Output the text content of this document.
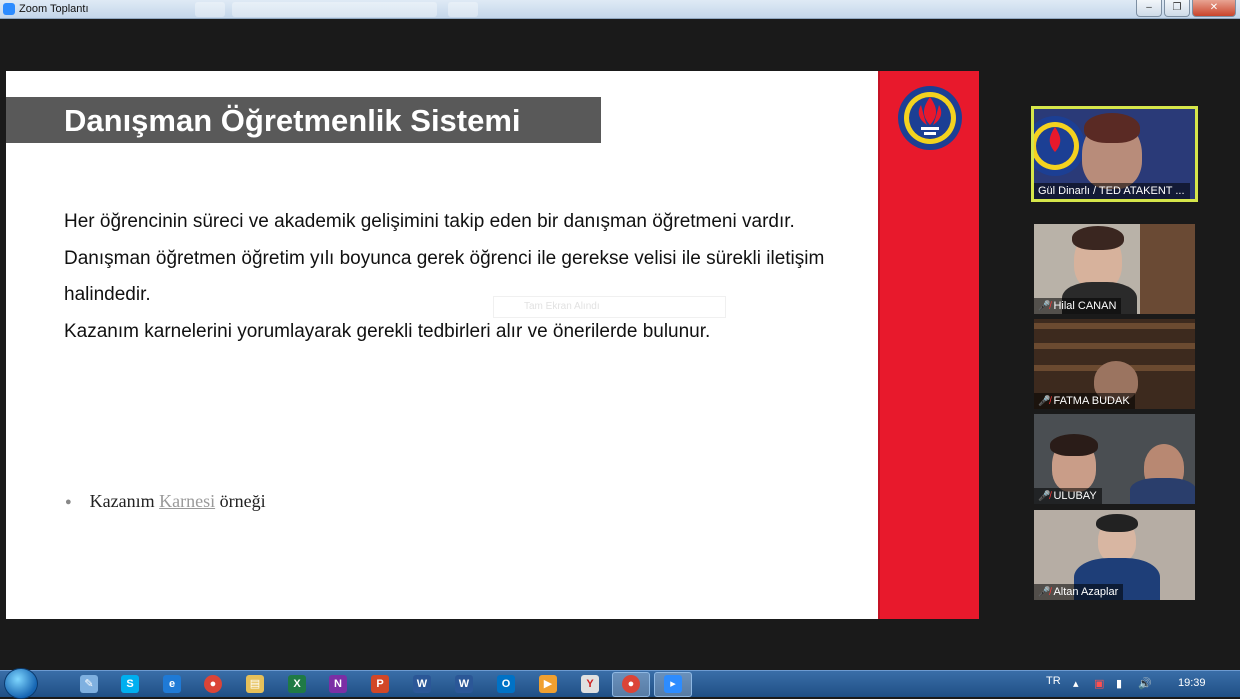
Zoom Toplantı	–	❐	✕
Danışman Öğretmenlik Sistemi
Tam Ekran Alındı

Her öğrencinin süreci ve akademik gelişimini takip eden bir danışman öğretmeni vardır.

Danışman öğretmen öğretim yılı boyunca gerek öğrenci ile gerekse velisi ile sürekli iletişim halindedir.

Kazanım karnelerini yorumlayarak gerekli tedbirleri alır ve önerilerde bulunur.

● Kazanım Karnesi örneği
Gül Dinarlı / TED ATAKENT ...
🎤̸ Hilal CANAN
🎤̸ FATMA BUDAK
🎤̸ ULUBAY
🎤̸ Altan Azaplar
✎	S	e	●	▤	X	N	P	W	W	O	▶	Y	●	▸	TR ▴ ▣ ▮ 🔊 19:39
